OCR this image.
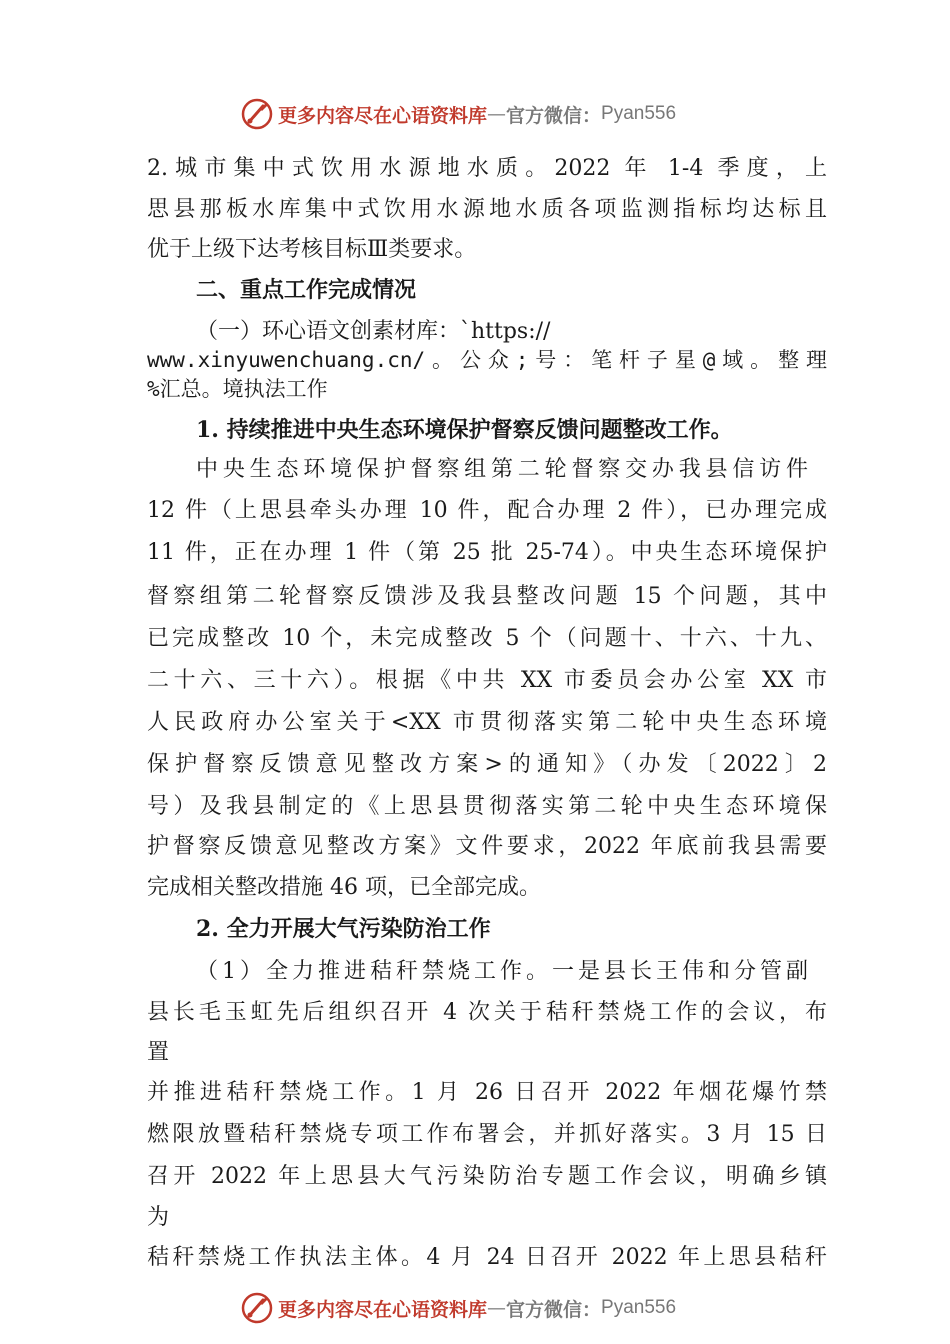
更多内容尽在心语资料库 — 官方微信： Pyan556
2.城市集中式饮用水源地水质。2022 年 1-4 季度，上
思县那板水库集中式饮用水源地水质各项监测指标均达标且
优于上级下达考核目标Ⅲ类要求。
二、重点工作完成情况
（一）环心语文创素材库：`https://
www.xinyuwenchuang.cn/。公众;号：笔杆子星@域。整理
%汇总。境执法工作
1. 持续推进中央生态环境保护督察反馈问题整改工作。
中央生态环境保护督察组第二轮督察交办我县信访件
12 件（上思县牵头办理 10 件，配合办理 2 件），已办理完成
11 件，正在办理 1 件（第 25 批 25-74）。中央生态环境保护
督察组第二轮督察反馈涉及我县整改问题 15 个问题，其中
已完成整改 10 个，未完成整改 5 个（问题十、十六、十九、
二十六、三十六）。根据《中共 XX 市委员会办公室 XX 市
人民政府办公室关于<XX 市贯彻落实第二轮中央生态环境
保护督察反馈意见整改方案>的通知》（办发〔2022〕2
号）及我县制定的《上思县贯彻落实第二轮中央生态环境保
护督察反馈意见整改方案》文件要求，2022 年底前我县需要
完成相关整改措施 46 项，已全部完成。
2. 全力开展大气污染防治工作
（1）全力推进秸秆禁烧工作。一是县长王伟和分管副
县长毛玉虹先后组织召开 4 次关于秸秆禁烧工作的会议，布
置
并推进秸秆禁烧工作。1 月 26 日召开 2022 年烟花爆竹禁
燃限放暨秸秆禁烧专项工作布署会，并抓好落实。3 月 15 日
召开 2022 年上思县大气污染防治专题工作会议，明确乡镇
为
秸秆禁烧工作执法主体。4 月 24 日召开 2022 年上思县秸秆
更多内容尽在心语资料库 — 官方微信： Pyan556
